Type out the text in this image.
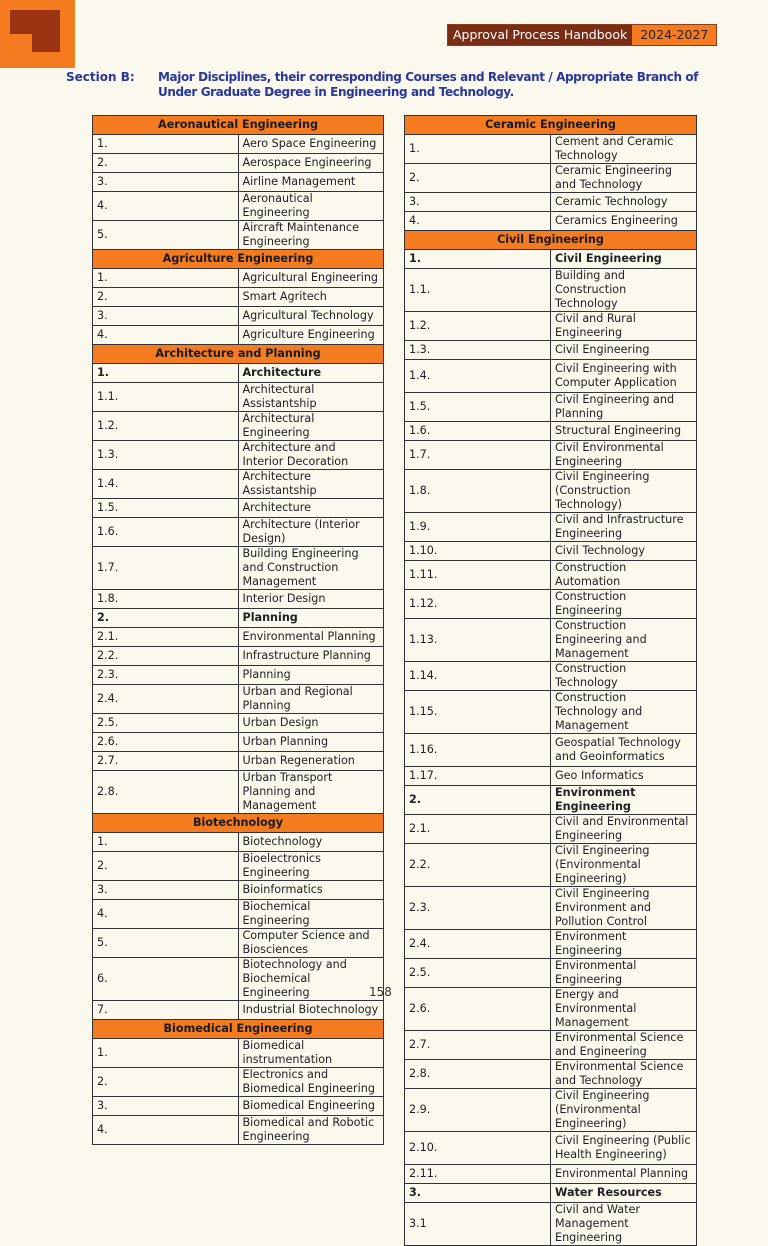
Approval Process Handbook	2024-2027
Section B: Major Disciplines, their corresponding Courses and Relevant / Appropriate Branch of Under Graduate Degree in Engineering and Technology.
Aeronautical Engineering	
1.	Aero Space Engineering
2.	Aerospace Engineering
3.	Airline Management
4.	Aeronautical Engineering
5.	Aircraft Maintenance Engineering
Agriculture Engineering	
1.	Agricultural Engineering
2.	Smart Agritech
3.	Agricultural Technology
4.	Agriculture Engineering
Architecture and Planning	
1.	Architecture
1.1.	Architectural Assistantship
1.2.	Architectural Engineering
1.3.	Architecture and Interior Decoration
1.4.	Architecture Assistantship
1.5.	Architecture
1.6.	Architecture (Interior Design)
1.7.	Building Engineering and Construction Management
1.8.	Interior Design
2.	Planning
2.1.	Environmental Planning
2.2.	Infrastructure Planning
2.3.	Planning
2.4.	Urban and Regional Planning
2.5.	Urban Design
2.6.	Urban Planning
2.7.	Urban Regeneration
2.8.	Urban Transport Planning and Management
Biotechnology	
1.	Biotechnology
2.	Bioelectronics Engineering
3.	Bioinformatics
4.	Biochemical Engineering
5.	Computer Science and Biosciences
6.	Biotechnology and Biochemical Engineering
7.	Industrial Biotechnology
Biomedical Engineering	
1.	Biomedical instrumentation
2.	Electronics and Biomedical Engineering
3.	Biomedical Engineering
4.	Biomedical and Robotic Engineering
Ceramic Engineering	
1.	Cement and Ceramic Technology
2.	Ceramic Engineering and Technology
3.	Ceramic Technology
4.	Ceramics Engineering
Civil Engineering	
1.	Civil Engineering
1.1.	Building and Construction Technology
1.2.	Civil and Rural Engineering
1.3.	Civil Engineering
1.4.	Civil Engineering with Computer Application
1.5.	Civil Engineering and Planning
1.6.	Structural Engineering
1.7.	Civil Environmental Engineering
1.8.	Civil Engineering (Construction Technology)
1.9.	Civil and Infrastructure Engineering
1.10.	Civil Technology
1.11.	Construction Automation
1.12.	Construction Engineering
1.13.	Construction Engineering and Management
1.14.	Construction Technology
1.15.	Construction Technology and Management
1.16.	Geospatial Technology and Geoinformatics
1.17.	Geo Informatics
2.	Environment Engineering
2.1.	Civil and Environmental Engineering
2.2.	Civil Engineering (Environmental Engineering)
2.3.	Civil Engineering Environment and Pollution Control
2.4.	Environment Engineering
2.5.	Environmental Engineering
2.6.	Energy and Environmental Management
2.7.	Environmental Science and Engineering
2.8.	Environmental Science and Technology
2.9.	Civil Engineering (Environmental Engineering)
2.10.	Civil Engineering (Public Health Engineering)
2.11.	Environmental Planning
3.	Water Resources
3.1	Civil and Water Management Engineering
158
